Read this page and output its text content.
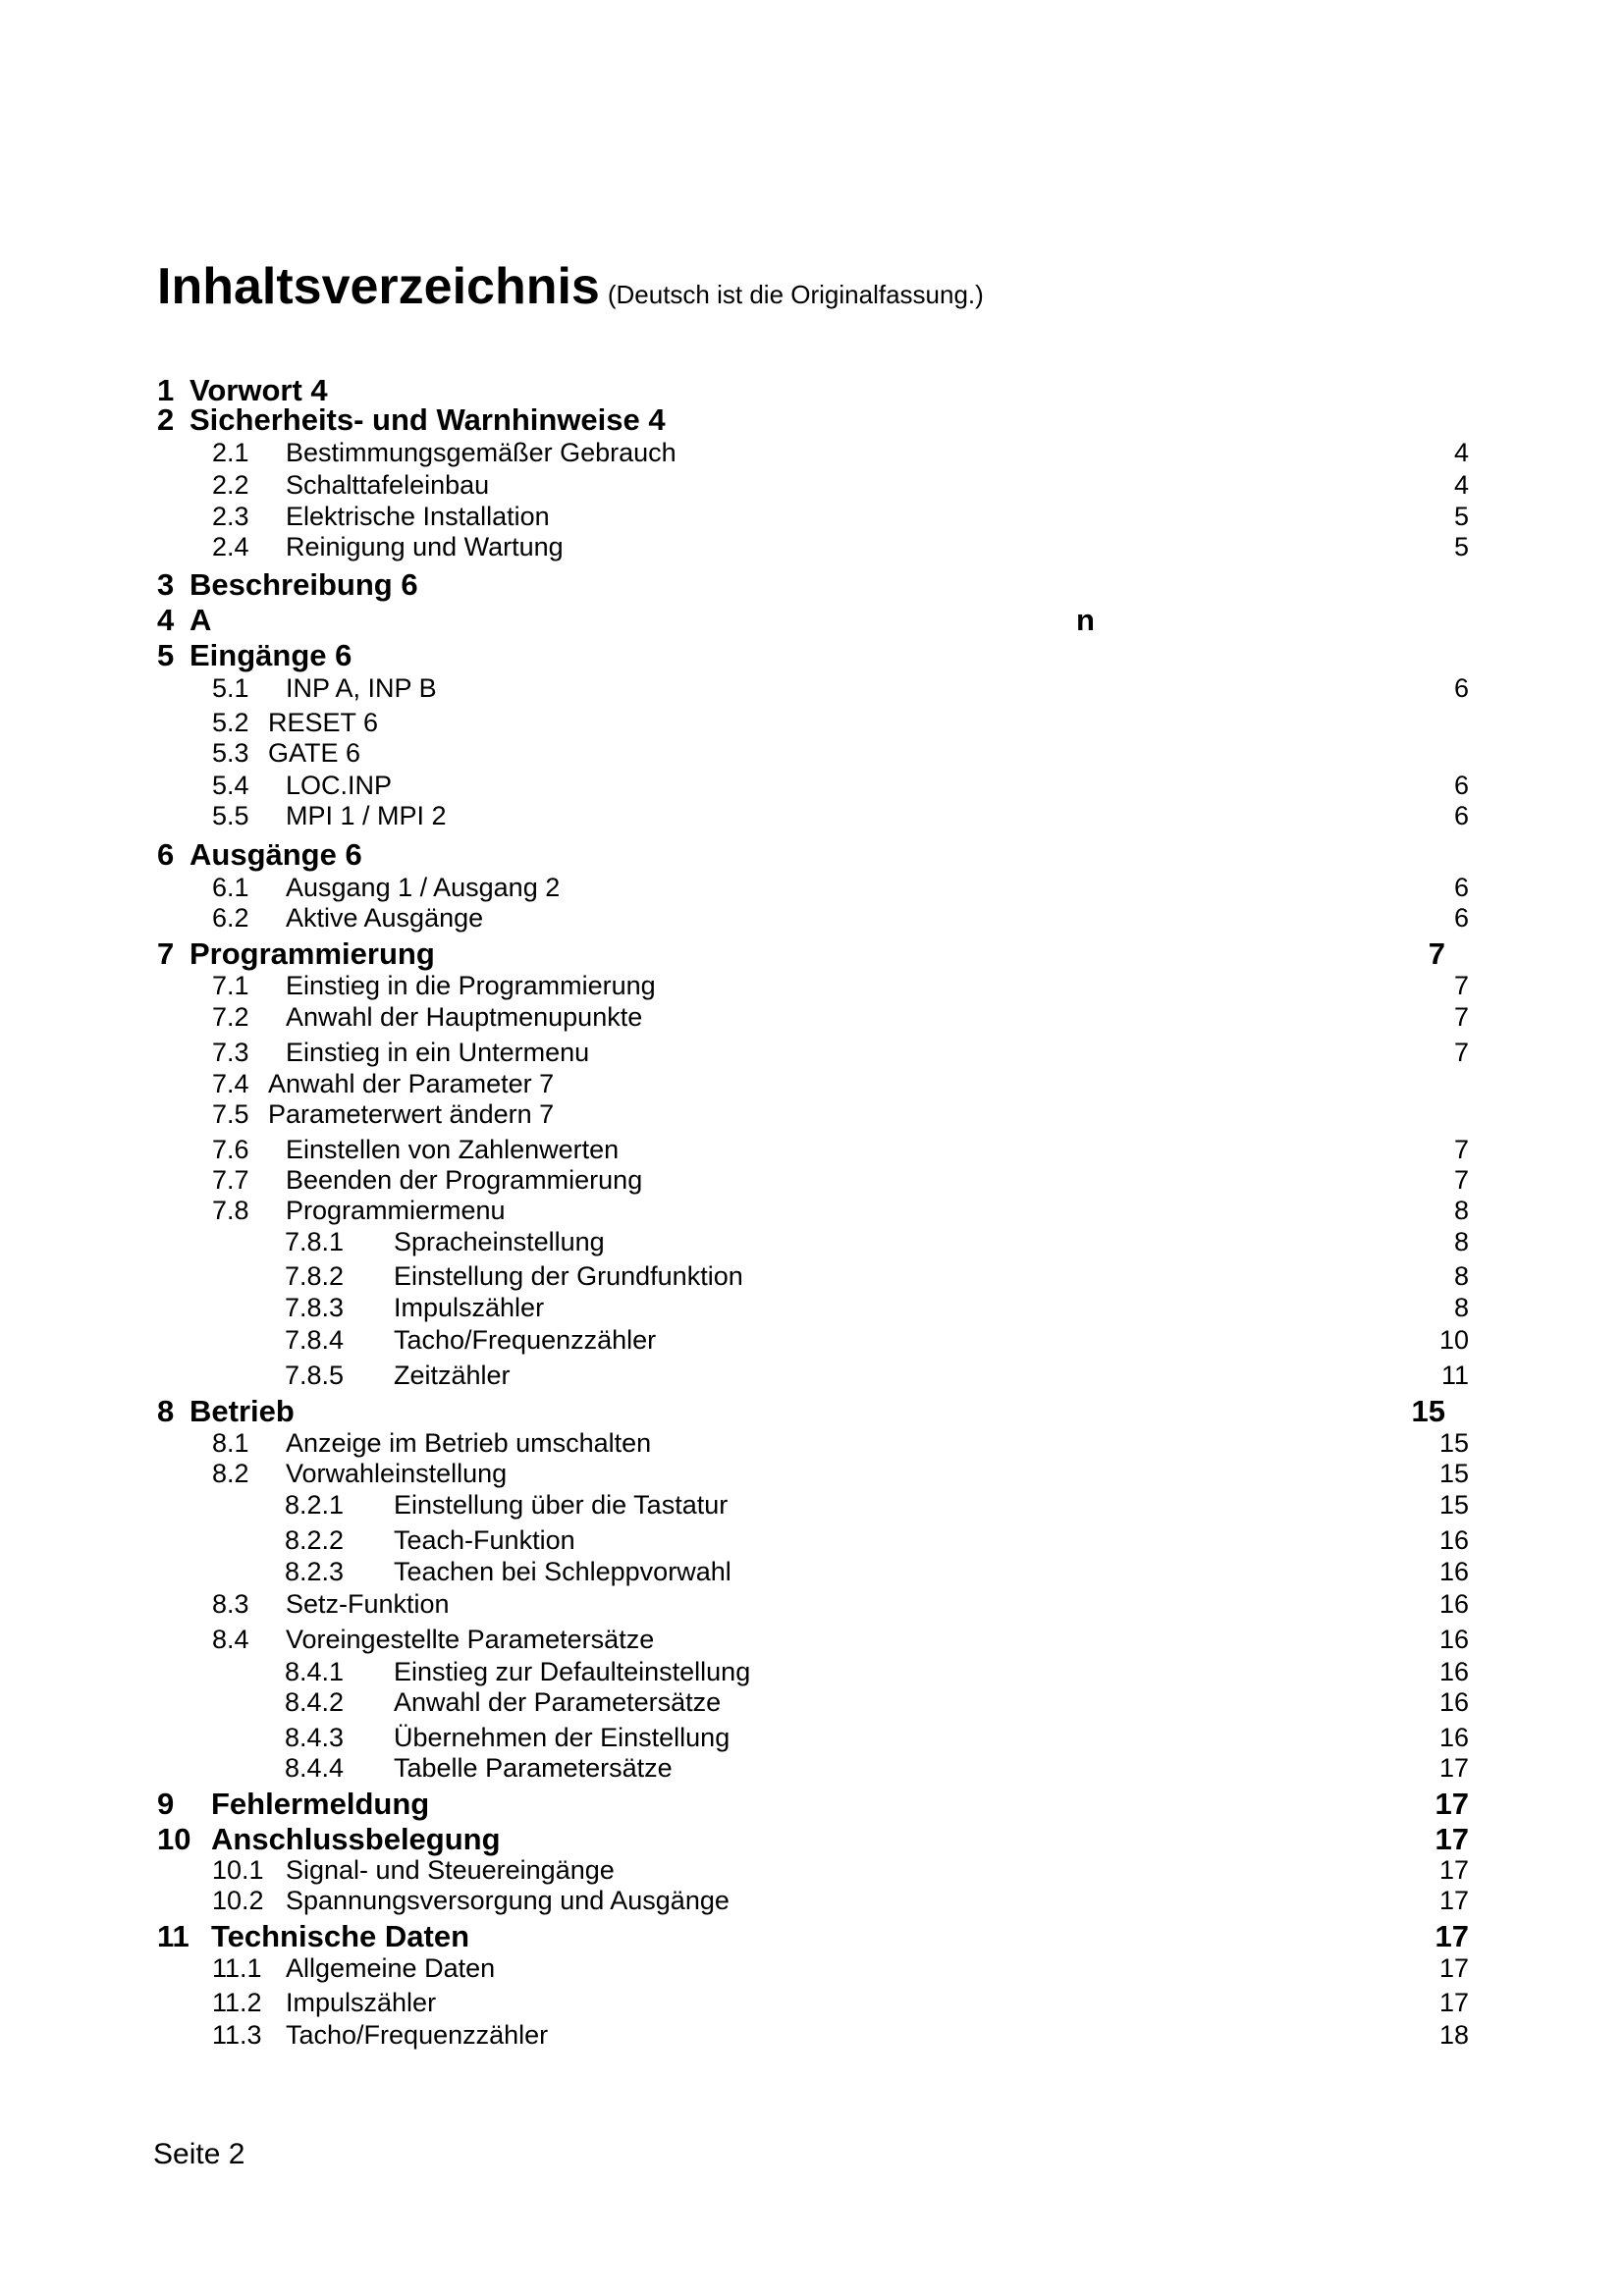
Inhaltsverzeichnis (Deutsch ist die Originalfassung.)
1 Vorwort 4
2 Sicherheits- und Warnhinweise 4
2.1 Bestimmungsgemäßer Gebrauch	4
2.2 Schalttafeleinbau	4
2.3 Elektrische Installation	5
2.4 Reinigung und Wartung	5
3 Beschreibung 6
4 A	n
5 Eingänge 6
5.1 INP A, INP B	6
5.2 RESET 6
5.3 GATE 6
5.4 LOC.INP	6
5.5 MPI 1 / MPI 2	6
6 Ausgänge 6
6.1 Ausgang 1 / Ausgang 2	6
6.2 Aktive Ausgänge	6
7 Programmierung	7
7.1 Einstieg in die Programmierung	7
7.2 Anwahl der Hauptmenupunkte	7
7.3 Einstieg in ein Untermenu	7
7.4 Anwahl der Parameter 7
7.5 Parameterwert ändern 7
7.6 Einstellen von Zahlenwerten	7
7.7 Beenden der Programmierung	7
7.8 Programmiermenu	8
7.8.1 Spracheinstellung	8
7.8.2 Einstellung der Grundfunktion	8
7.8.3 Impulszähler	8
7.8.4 Tacho/Frequenzzähler	10
7.8.5 Zeitzähler	11
8 Betrieb	15
8.1 Anzeige im Betrieb umschalten	15
8.2 Vorwahleinstellung	15
8.2.1 Einstellung über die Tastatur	15
8.2.2 Teach-Funktion	16
8.2.3 Teachen bei Schleppvorwahl	16
8.3 Setz-Funktion	16
8.4 Voreingestellte Parametersätze	16
8.4.1 Einstieg zur Defaulteinstellung	16
8.4.2 Anwahl der Parametersätze	16
8.4.3 Übernehmen der Einstellung	16
8.4.4 Tabelle Parametersätze	17
9 Fehlermeldung	17
10 Anschlussbelegung	17
10.1 Signal- und Steuereingänge	17
10.2 Spannungsversorgung und Ausgänge	17
11 Technische Daten	17
11.1 Allgemeine Daten	17
11.2 Impulszähler	17
11.3 Tacho/Frequenzzähler	18
Seite 2
